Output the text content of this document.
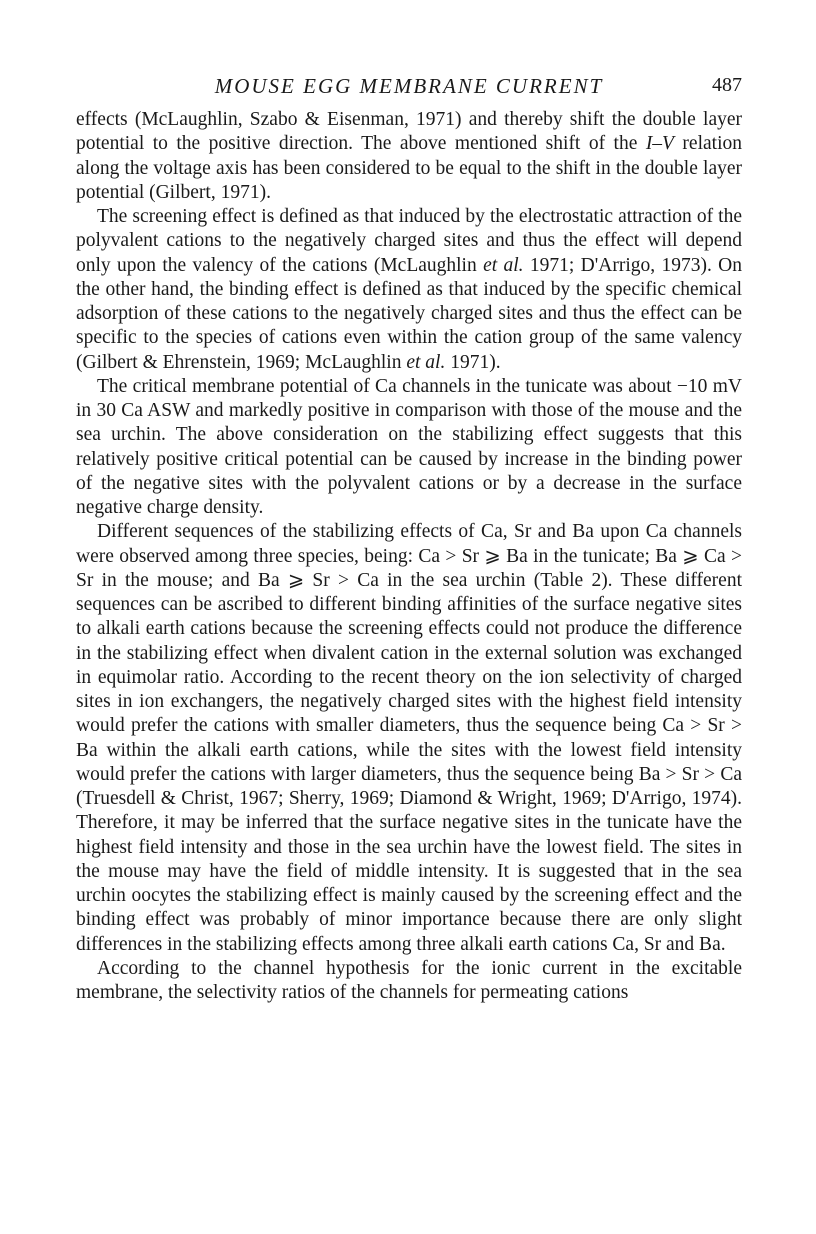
MOUSE EGG MEMBRANE CURRENT	487

effects (McLaughlin, Szabo & Eisenman, 1971) and thereby shift the double layer potential to the positive direction. The above mentioned shift of the I–V relation along the voltage axis has been considered to be equal to the shift in the double layer potential (Gilbert, 1971).

The screening effect is defined as that induced by the electrostatic attraction of the polyvalent cations to the negatively charged sites and thus the effect will depend only upon the valency of the cations (McLaughlin et al. 1971; D'Arrigo, 1973). On the other hand, the binding effect is defined as that induced by the specific chemical adsorption of these cations to the negatively charged sites and thus the effect can be specific to the species of cations even within the cation group of the same valency (Gilbert & Ehrenstein, 1969; McLaughlin et al. 1971).

The critical membrane potential of Ca channels in the tunicate was about −10 mV in 30 Ca ASW and markedly positive in comparison with those of the mouse and the sea urchin. The above consideration on the stabilizing effect suggests that this relatively positive critical potential can be caused by increase in the binding power of the negative sites with the polyvalent cations or by a decrease in the surface negative charge density.

Different sequences of the stabilizing effects of Ca, Sr and Ba upon Ca channels were observed among three species, being: Ca > Sr ⩾ Ba in the tunicate; Ba ⩾ Ca > Sr in the mouse; and Ba ⩾ Sr > Ca in the sea urchin (Table 2). These different sequences can be ascribed to different binding affinities of the surface negative sites to alkali earth cations because the screening effects could not produce the difference in the stabilizing effect when divalent cation in the external solution was exchanged in equimolar ratio. According to the recent theory on the ion selectivity of charged sites in ion exchangers, the negatively charged sites with the highest field intensity would prefer the cations with smaller diameters, thus the sequence being Ca > Sr > Ba within the alkali earth cations, while the sites with the lowest field intensity would prefer the cations with larger diameters, thus the sequence being Ba > Sr > Ca (Truesdell & Christ, 1967; Sherry, 1969; Diamond & Wright, 1969; D'Arrigo, 1974). Therefore, it may be inferred that the surface negative sites in the tunicate have the highest field intensity and those in the sea urchin have the lowest field. The sites in the mouse may have the field of middle intensity. It is suggested that in the sea urchin oocytes the stabilizing effect is mainly caused by the screening effect and the binding effect was probably of minor importance because there are only slight differences in the stabilizing effects among three alkali earth cations Ca, Sr and Ba.

According to the channel hypothesis for the ionic current in the excitable membrane, the selectivity ratios of the channels for permeating cations
